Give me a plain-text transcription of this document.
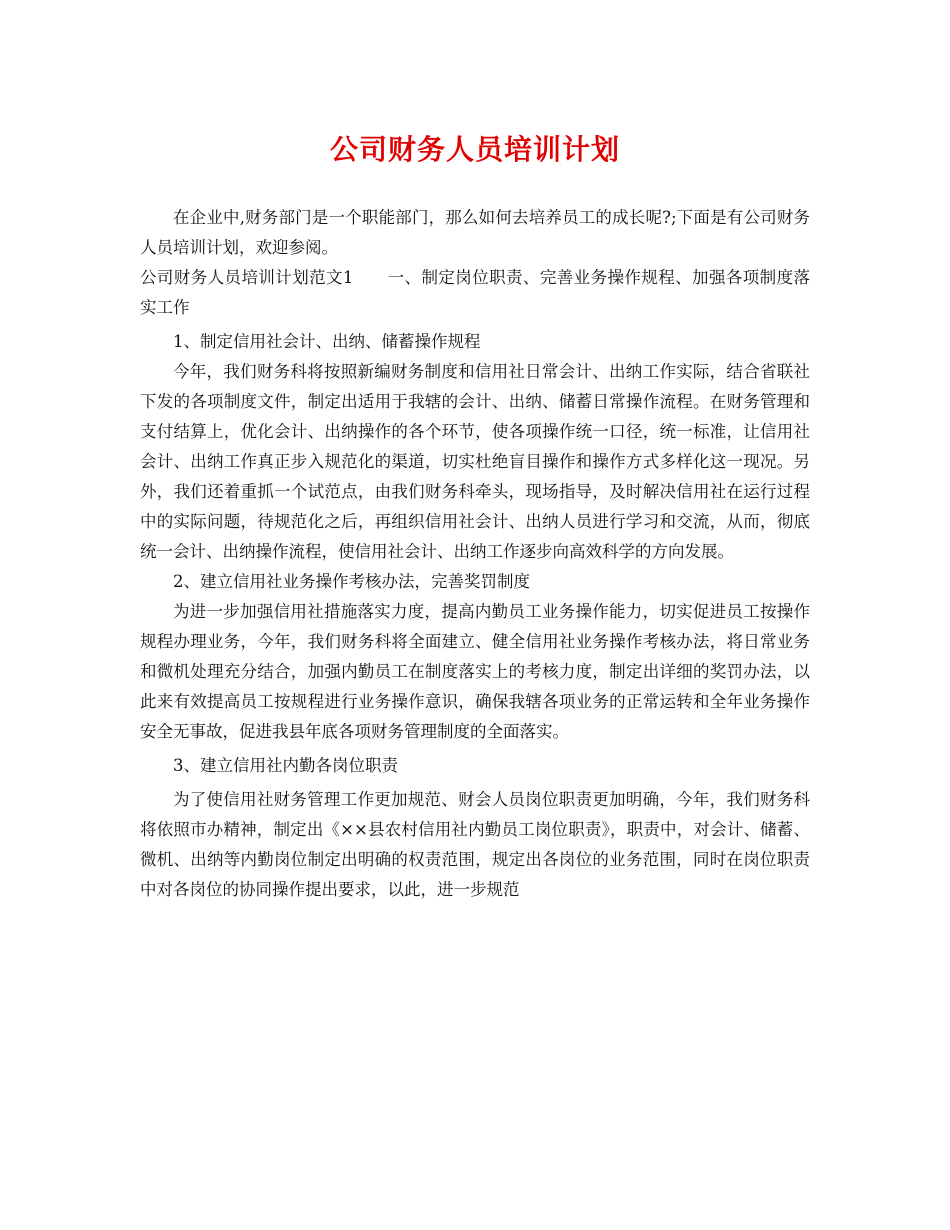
公司财务人员培训计划

在企业中,财务部门是一个职能部门，那么如何去培养员工的成长呢?;下面是有公司财务人员培训计划，欢迎参阅。

公司财务人员培训计划范文1　　一、制定岗位职责、完善业务操作规程、加强各项制度落实工作

1、制定信用社会计、出纳、储蓄操作规程

今年，我们财务科将按照新编财务制度和信用社日常会计、出纳工作实际，结合省联社下发的各项制度文件，制定出适用于我辖的会计、出纳、储蓄日常操作流程。在财务管理和支付结算上，优化会计、出纳操作的各个环节，使各项操作统一口径，统一标准，让信用社会计、出纳工作真正步入规范化的渠道，切实杜绝盲目操作和操作方式多样化这一现况。另外，我们还着重抓一个试范点，由我们财务科牵头，现场指导，及时解决信用社在运行过程中的实际问题，待规范化之后，再组织信用社会计、出纳人员进行学习和交流，从而，彻底统一会计、出纳操作流程，使信用社会计、出纳工作逐步向高效科学的方向发展。

2、建立信用社业务操作考核办法，完善奖罚制度

为进一步加强信用社措施落实力度，提高内勤员工业务操作能力，切实促进员工按操作规程办理业务，今年，我们财务科将全面建立、健全信用社业务操作考核办法，将日常业务和微机处理充分结合，加强内勤员工在制度落实上的考核力度，制定出详细的奖罚办法，以此来有效提高员工按规程进行业务操作意识，确保我辖各项业务的正常运转和全年业务操作安全无事故，促进我县年底各项财务管理制度的全面落实。

3、建立信用社内勤各岗位职责

为了使信用社财务管理工作更加规范、财会人员岗位职责更加明确，今年，我们财务科将依照市办精神，制定出《××县农村信用社内勤员工岗位职责》，职责中，对会计、储蓄、微机、出纳等内勤岗位制定出明确的权责范围，规定出各岗位的业务范围，同时在岗位职责中对各岗位的协同操作提出要求，以此，进一步规范
